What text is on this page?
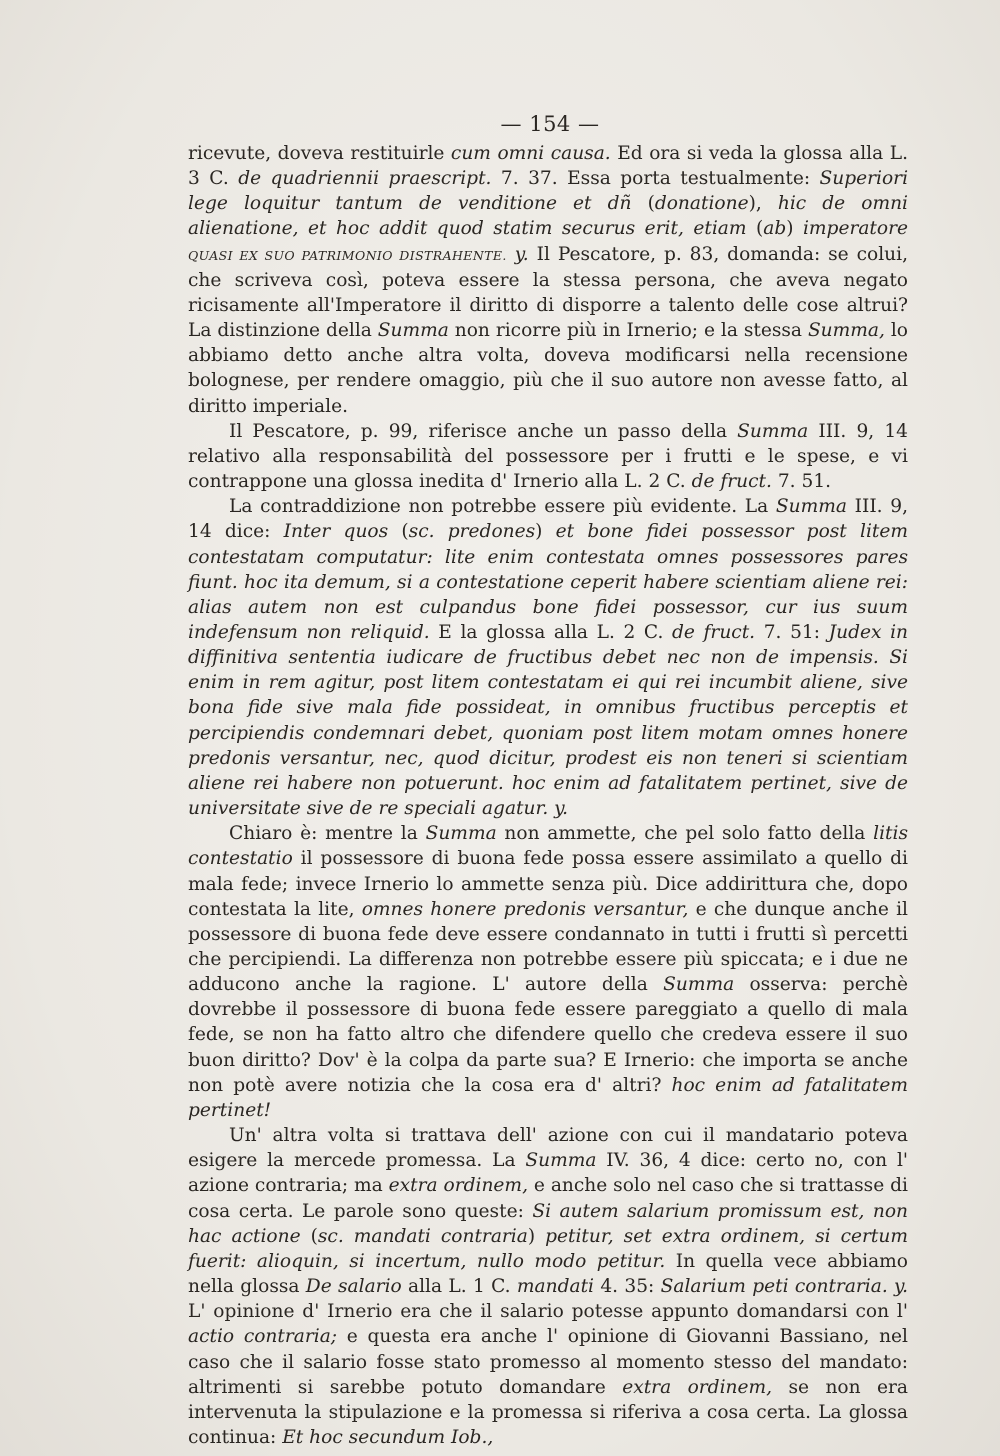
— 154 —

ricevute, doveva restituirle cum omni causa. Ed ora si veda la glossa alla L. 3 C. de quadriennii praescript. 7. 37. Essa porta testualmente: Superiori lege loquitur tantum de venditione et dñ (donatione), hic de omni alienatione, et hoc addit quod statim securus erit, etiam (ab) imperatore QUASI EX SUO PATRIMONIO DISTRAHENTE. y. Il Pescatore, p. 83, domanda: se colui, che scriveva così, poteva essere la stessa persona, che aveva negato ricisamente all'Imperatore il diritto di disporre a talento delle cose altrui? La distinzione della Summa non ricorre più in Irnerio; e la stessa Summa, lo abbiamo detto anche altra volta, doveva modificarsi nella recensione bolognese, per rendere omaggio, più che il suo autore non avesse fatto, al diritto imperiale.

Il Pescatore, p. 99, riferisce anche un passo della Summa III. 9, 14 relativo alla responsabilità del possessore per i frutti e le spese, e vi contrappone una glossa inedita d' Irnerio alla L. 2 C. de fruct. 7. 51.

La contraddizione non potrebbe essere più evidente. La Summa III. 9, 14 dice: Inter quos (sc. predones) et bone fidei possessor post litem contestatam computatur: lite enim contestata omnes possessores pares fiunt. hoc ita demum, si a contestatione ceperit habere scientiam aliene rei: alias autem non est culpandus bone fidei possessor, cur ius suum indefensum non reliquid. E la glossa alla L. 2 C. de fruct. 7. 51: Judex in diffinitiva sententia iudicare de fructibus debet nec non de impensis. Si enim in rem agitur, post litem contestatam ei qui rei incumbit aliene, sive bona fide sive mala fide possideat, in omnibus fructibus perceptis et percipiendis condemnari debet, quoniam post litem motam omnes honere predonis versantur, nec, quod dicitur, prodest eis non teneri si scientiam aliene rei habere non potuerunt. hoc enim ad fatalitatem pertinet, sive de universitate sive de re speciali agatur. y.

Chiaro è: mentre la Summa non ammette, che pel solo fatto della litis contestatio il possessore di buona fede possa essere assimilato a quello di mala fede; invece Irnerio lo ammette senza più. Dice addirittura che, dopo contestata la lite, omnes honere predonis versantur, e che dunque anche il possessore di buona fede deve essere condannato in tutti i frutti sì percetti che percipiendi. La differenza non potrebbe essere più spiccata; e i due ne adducono anche la ragione. L' autore della Summa osserva: perchè dovrebbe il possessore di buona fede essere pareggiato a quello di mala fede, se non ha fatto altro che difendere quello che credeva essere il suo buon diritto? Dov' è la colpa da parte sua? E Irnerio: che importa se anche non potè avere notizia che la cosa era d' altri? hoc enim ad fatalitatem pertinet!

Un' altra volta si trattava dell' azione con cui il mandatario poteva esigere la mercede promessa. La Summa IV. 36, 4 dice: certo no, con l' azione contraria; ma extra ordinem, e anche solo nel caso che si trattasse di cosa certa. Le parole sono queste: Si autem salarium promissum est, non hac actione (sc. mandati contraria) petitur, set extra ordinem, si certum fuerit: alioquin, si incertum, nullo modo petitur. In quella vece abbiamo nella glossa De salario alla L. 1 C. mandati 4. 35: Salarium peti contraria. y. L' opinione d' Irnerio era che il salario potesse appunto domandarsi con l' actio contraria; e questa era anche l' opinione di Giovanni Bassiano, nel caso che il salario fosse stato promesso al momento stesso del mandato: altrimenti si sarebbe potuto domandare extra ordinem, se non era intervenuta la stipulazione e la promessa si riferiva a cosa certa. La glossa continua: Et hoc secundum Iob.,
